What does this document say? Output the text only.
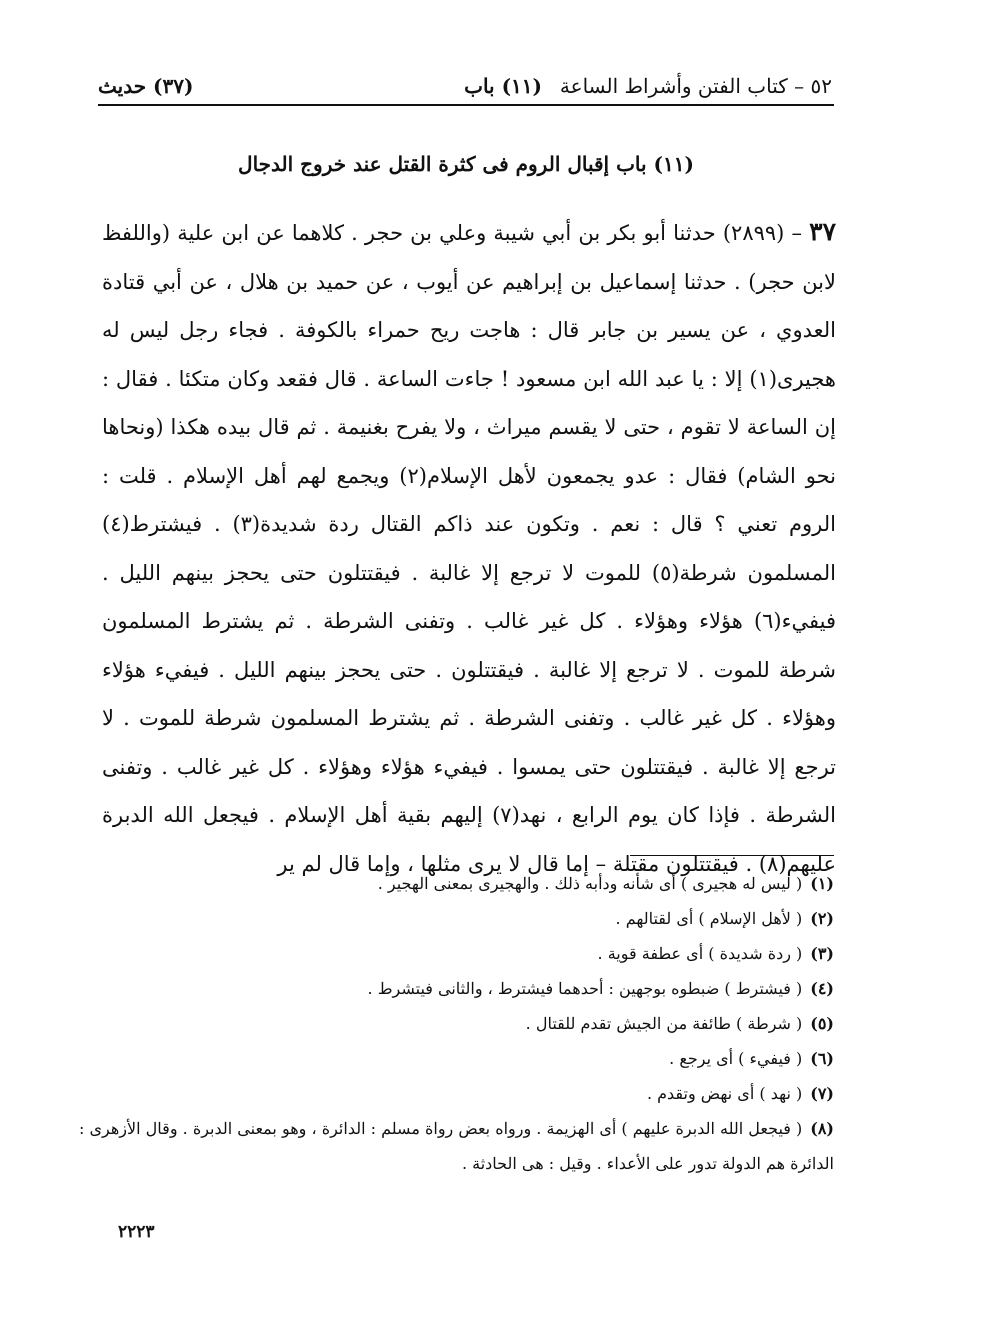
٥٢ – كتاب الفتن وأشراط الساعة
(١١) باب
(٣٧) حديث
(١١) باب إقبال الروم فى كثرة القتل عند خروج الدجال

٣٧ – (٢٨٩٩) حدثنا أبو بكر بن أبي شيبة وعلي بن حجر . كلاهما عن ابن علية (واللفظ لابن حجر) . حدثنا إسماعيل بن إبراهيم عن أيوب ، عن حميد بن هلال ، عن أبي قتادة العدوي ، عن يسير بن جابر قال : هاجت ريح حمراء بالكوفة . فجاء رجل ليس له هجيرى(١) إلا : يا عبد الله ابن مسعود ! جاءت الساعة . قال فقعد وكان متكئا . فقال : إن الساعة لا تقوم ، حتى لا يقسم ميراث ، ولا يفرح بغنيمة . ثم قال بيده هكذا (ونحاها نحو الشام) فقال : عدو يجمعون لأهل الإسلام(٢) ويجمع لهم أهل الإسلام . قلت : الروم تعني ؟ قال : نعم . وتكون عند ذاكم القتال ردة شديدة(٣) . فيشترط(٤) المسلمون شرطة(٥) للموت لا ترجع إلا غالبة . فيقتتلون حتى يحجز بينهم الليل . فيفيء(٦) هؤلاء وهؤلاء . كل غير غالب . وتفنى الشرطة . ثم يشترط المسلمون شرطة للموت . لا ترجع إلا غالبة . فيقتتلون . حتى يحجز بينهم الليل . فيفيء هؤلاء وهؤلاء . كل غير غالب . وتفنى الشرطة . ثم يشترط المسلمون شرطة للموت . لا ترجع إلا غالبة . فيقتتلون حتى يمسوا . فيفيء هؤلاء وهؤلاء . كل غير غالب . وتفنى الشرطة . فإذا كان يوم الرابع ، نهد(٧) إليهم بقية أهل الإسلام . فيجعل الله الدبرة عليهم(٨) . فيقتتلون مقتلة – إما قال لا يرى مثلها ، وإما قال لم ير

(١)( ليس له هجيرى ) أى شأنه ودأبه ذلك . والهجيرى بمعنى الهجير .
(٢)( لأهل الإسلام ) أى لقتالهم .
(٣)( ردة شديدة ) أى عطفة قوية .
(٤)( فيشترط ) ضبطوه بوجهين : أحدهما فيشترط ، والثانى فيتشرط .
(٥)( شرطة ) طائفة من الجيش تقدم للقتال .
(٦)( فيفيء ) أى يرجع .
(٧)( نهد ) أى نهض وتقدم .
(٨)( فيجعل الله الدبرة عليهم ) أى الهزيمة . ورواه بعض رواة مسلم : الدائرة ، وهو بمعنى الدبرة . وقال الأزهرى :
الدائرة هم الدولة تدور على الأعداء . وقيل : هى الحادثة .
٢٢٢٣
